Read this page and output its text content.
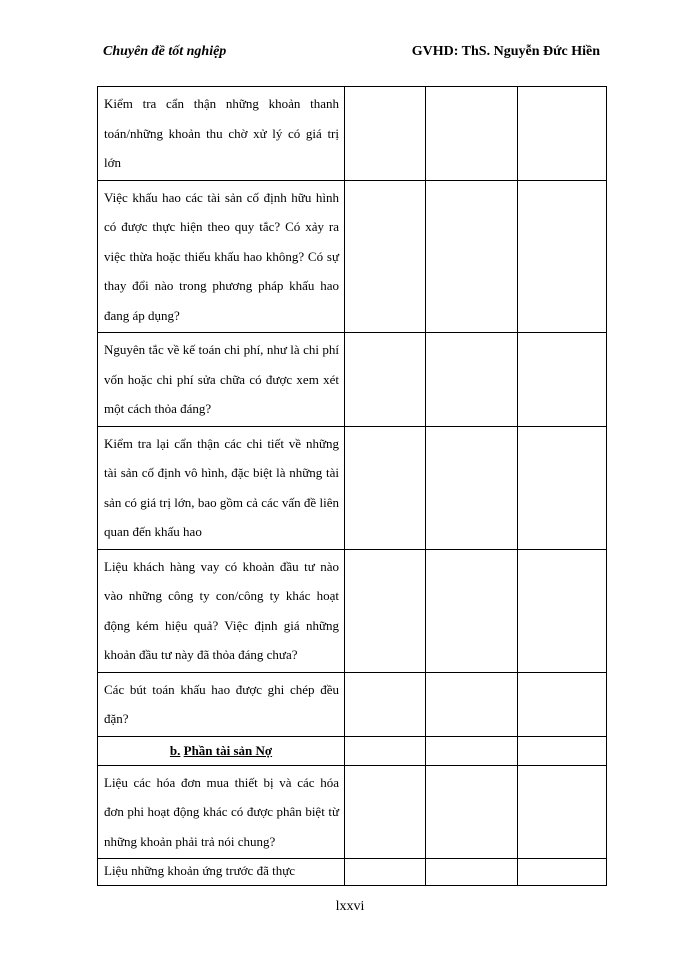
Chuyên đề tốt nghiệp	GVHD: ThS. Nguyễn Đức Hiền
Kiểm tra cẩn thận những khoản thanh toán/những khoản thu chờ xử lý có giá trị lớn			

Việc khấu hao các tài sản cố định hữu hình có được thực hiện theo quy tắc? Có xảy ra việc thừa hoặc thiếu khấu hao không? Có sự thay đổi nào trong phương pháp khấu hao đang áp dụng?			

Nguyên tắc về kế toán chi phí, như là chi phí vốn hoặc chi phí sửa chữa có được xem xét một cách thỏa đáng?			

Kiểm tra lại cẩn thận các chi tiết về những tài sản cố định vô hình, đặc biệt là những tài sản có giá trị lớn, bao gồm cả các vấn đề liên quan đến khấu hao			

Liệu khách hàng vay có khoản đầu tư nào vào những công ty con/công ty khác hoạt động kém hiệu quả? Việc định giá những khoản đầu tư này đã thỏa đáng chưa?			

Các bút toán khấu hao được ghi chép đều đặn?			

b. Phần tài sản Nợ			

Liệu các hóa đơn mua thiết bị và các hóa đơn phi hoạt động khác có được phân biệt từ những khoản phải trả nói chung?			

Liệu những khoản ứng trước đã thực			

lxxvi
